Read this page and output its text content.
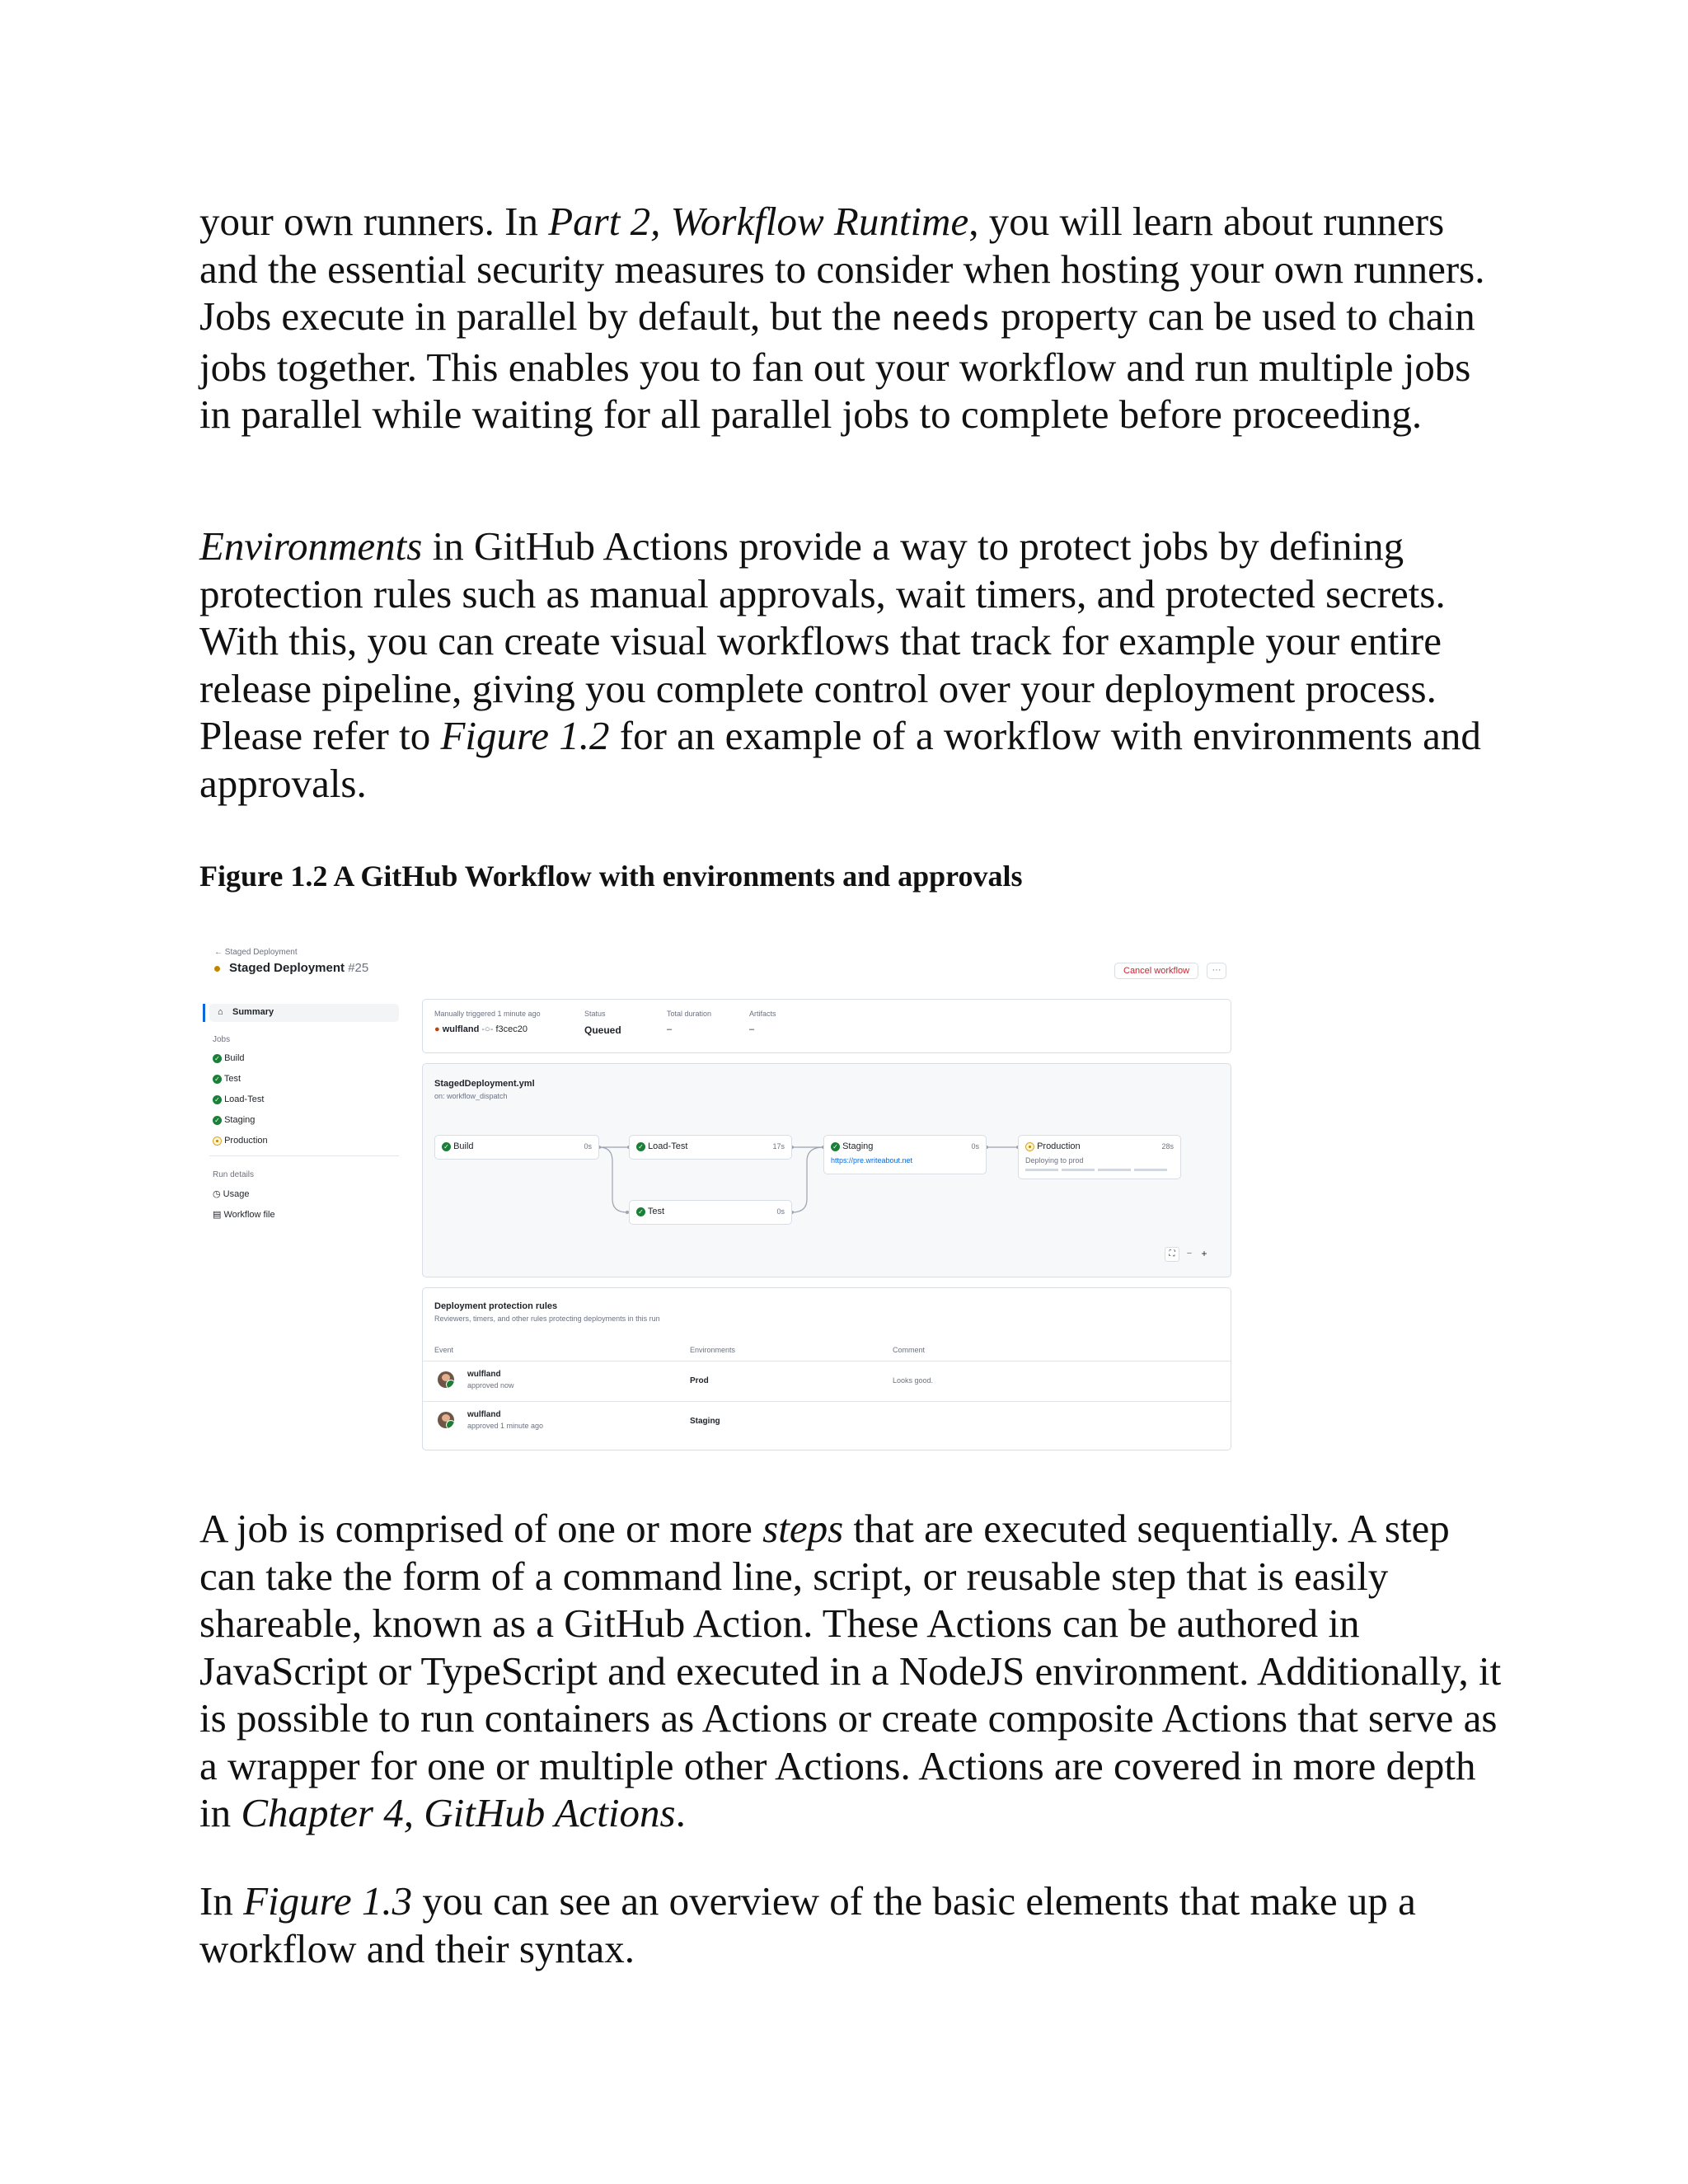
your own runners. In Part 2, Workflow Runtime, you will learn about runners and the essential security measures to consider when hosting your own runners. Jobs execute in parallel by default, but the needs property can be used to chain jobs together. This enables you to fan out your workflow and run multiple jobs in parallel while waiting for all parallel jobs to complete before proceeding.

Environments in GitHub Actions provide a way to protect jobs by defining protection rules such as manual approvals, wait timers, and protected secrets. With this, you can create visual workflows that track for example your entire release pipeline, giving you complete control over your deployment process. Please refer to Figure 1.2 for an example of a workflow with environments and approvals.

Figure 1.2 A GitHub Workflow with environments and approvals
← Staged Deployment
Staged Deployment #25	Cancel workflow	···
⌂ Summary
Jobs
✓ Build
✓ Test
✓ Load-Test
✓ Staging
Production
Run details
◷ Usage
▤ Workflow file
Manually triggered 1 minute ago
● wulfland -○- f3cec20
Status
Queued
Total duration
–
Artifacts
–
StagedDeployment.yml
on: workflow_dispatch
✓ Build	0s	✓ Load-Test	17s
✓ Test	0s
✓ Staging	0s
https://pre.writeabout.net
Production	28s
Deploying to prod
⛶	− +
Deployment protection rules
Reviewers, timers, and other rules protecting deployments in this run
Event	Environments	Comment
wulfland
approved now	Prod	Looks good.
wulfland
approved 1 minute ago	Staging

A job is comprised of one or more steps that are executed sequentially. A step can take the form of a command line, script, or reusable step that is easily shareable, known as a GitHub Action. These Actions can be authored in JavaScript or TypeScript and executed in a NodeJS environment. Additionally, it is possible to run containers as Actions or create composite Actions that serve as a wrapper for one or multiple other Actions. Actions are covered in more depth in Chapter 4, GitHub Actions.

In Figure 1.3 you can see an overview of the basic elements that make up a workflow and their syntax.
